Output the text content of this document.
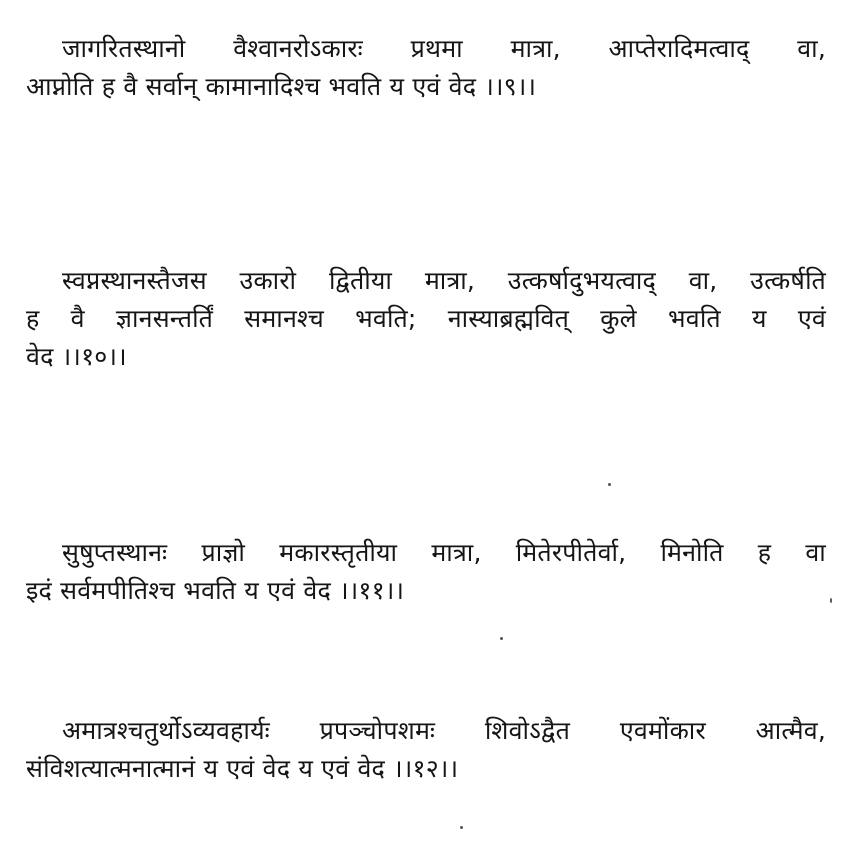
जागरितस्थानो वैश्वानरोऽकारः प्रथमा मात्रा, आप्तेरादिमत्वाद् वा,
आप्नोति ह वै सर्वान् कामानादिश्च भवति य एवं वेद ।।९।।
स्वप्नस्थानस्तैजस उकारो द्वितीया मात्रा, उत्कर्षादुभयत्वाद् वा, उत्कर्षति
ह वै ज्ञानसन्तर्तिं समानश्च भवति; नास्याब्रह्मवित् कुले भवति य एवं
वेद ।।१०।।
सुषुप्तस्थानः प्राज्ञो मकारस्तृतीया मात्रा, मितेरपीतेर्वा, मिनोति ह वा
इदं सर्वमपीतिश्च भवति य एवं वेद ।।११।।
अमात्रश्चतुर्थोऽव्यवहार्यः प्रपञ्चोपशमः शिवोऽद्वैत एवमोंकार आत्मैव,
संविशत्यात्मनात्मानं य एवं वेद य एवं वेद ।।१२।।
